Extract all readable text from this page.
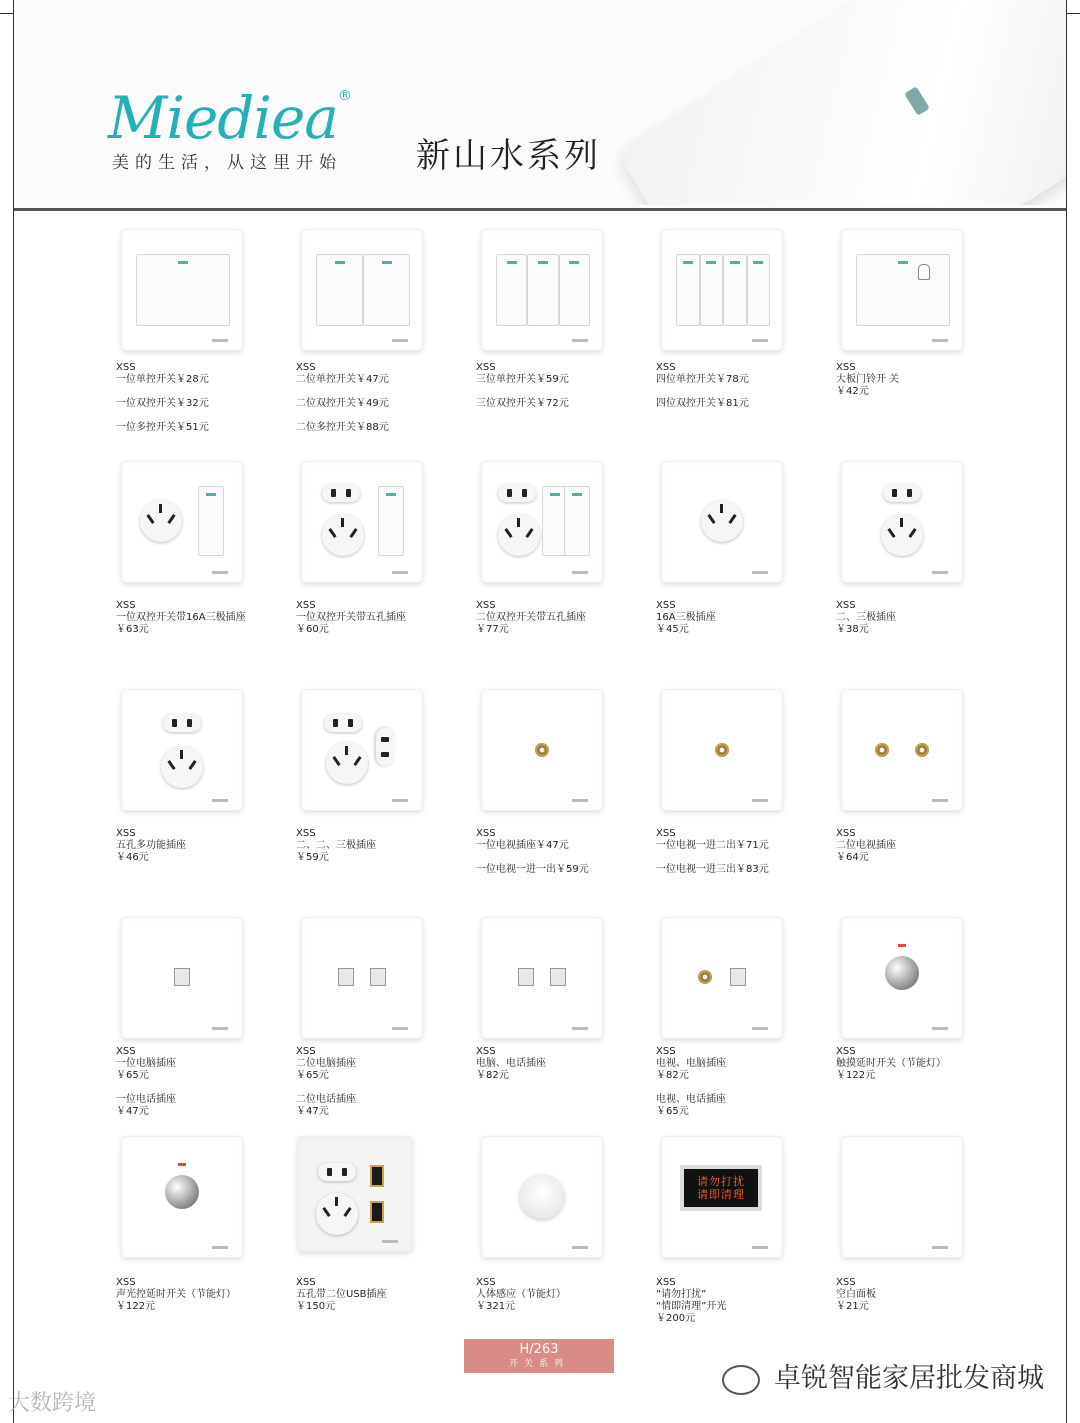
Miediea®
美的生活，从这里开始 新山水系列
XSS
一位单控开关￥28元
一位双控开关￥32元
一位多控开关￥51元
XSS
二位单控开关￥47元
二位双控开关￥49元
二位多控开关￥88元
XSS
三位单控开关￥59元
三位双控开关￥72元
XSS
四位单控开关￥78元
四位双控开关￥81元
XSS
大板门铃开 关
￥42元
XSS
一位双控开关带16A三极插座
￥63元
XSS
一位双控开关带五孔插座
￥60元
XSS
二位双控开关带五孔插座
￥77元
XSS
16A三极插座
￥45元
XSS
二、三极插座
￥38元
XSS
五孔多功能插座
￥46元
XSS
二、二、三极插座
￥59元
XSS
一位电视插座￥47元
一位电视一进一出￥59元
XSS
一位电视一进二出￥71元
一位电视一进三出￥83元
XSS
二位电视插座
￥64元
XSS
一位电脑插座
￥65元
一位电话插座
￥47元
XSS
二位电脑插座
￥65元
二位电话插座
￥47元
XSS
电脑、电话插座
￥82元
XSS
电视、电脑插座
￥82元
电视、电话插座
￥65元
XSS
触摸延时开关（节能灯）
￥122元
XSS
声光控延时开关（节能灯）
￥122元
XSS
五孔带二位USB插座
￥150元
XSS
人体感应（节能灯）
￥321元
请勿打扰
请即清理
XSS
“请勿打扰”
“情即清理”开光
￥200元
XSS
空白面板
￥21元
H/263
开关系列
大数跨境
卓锐智能家居批发商城
